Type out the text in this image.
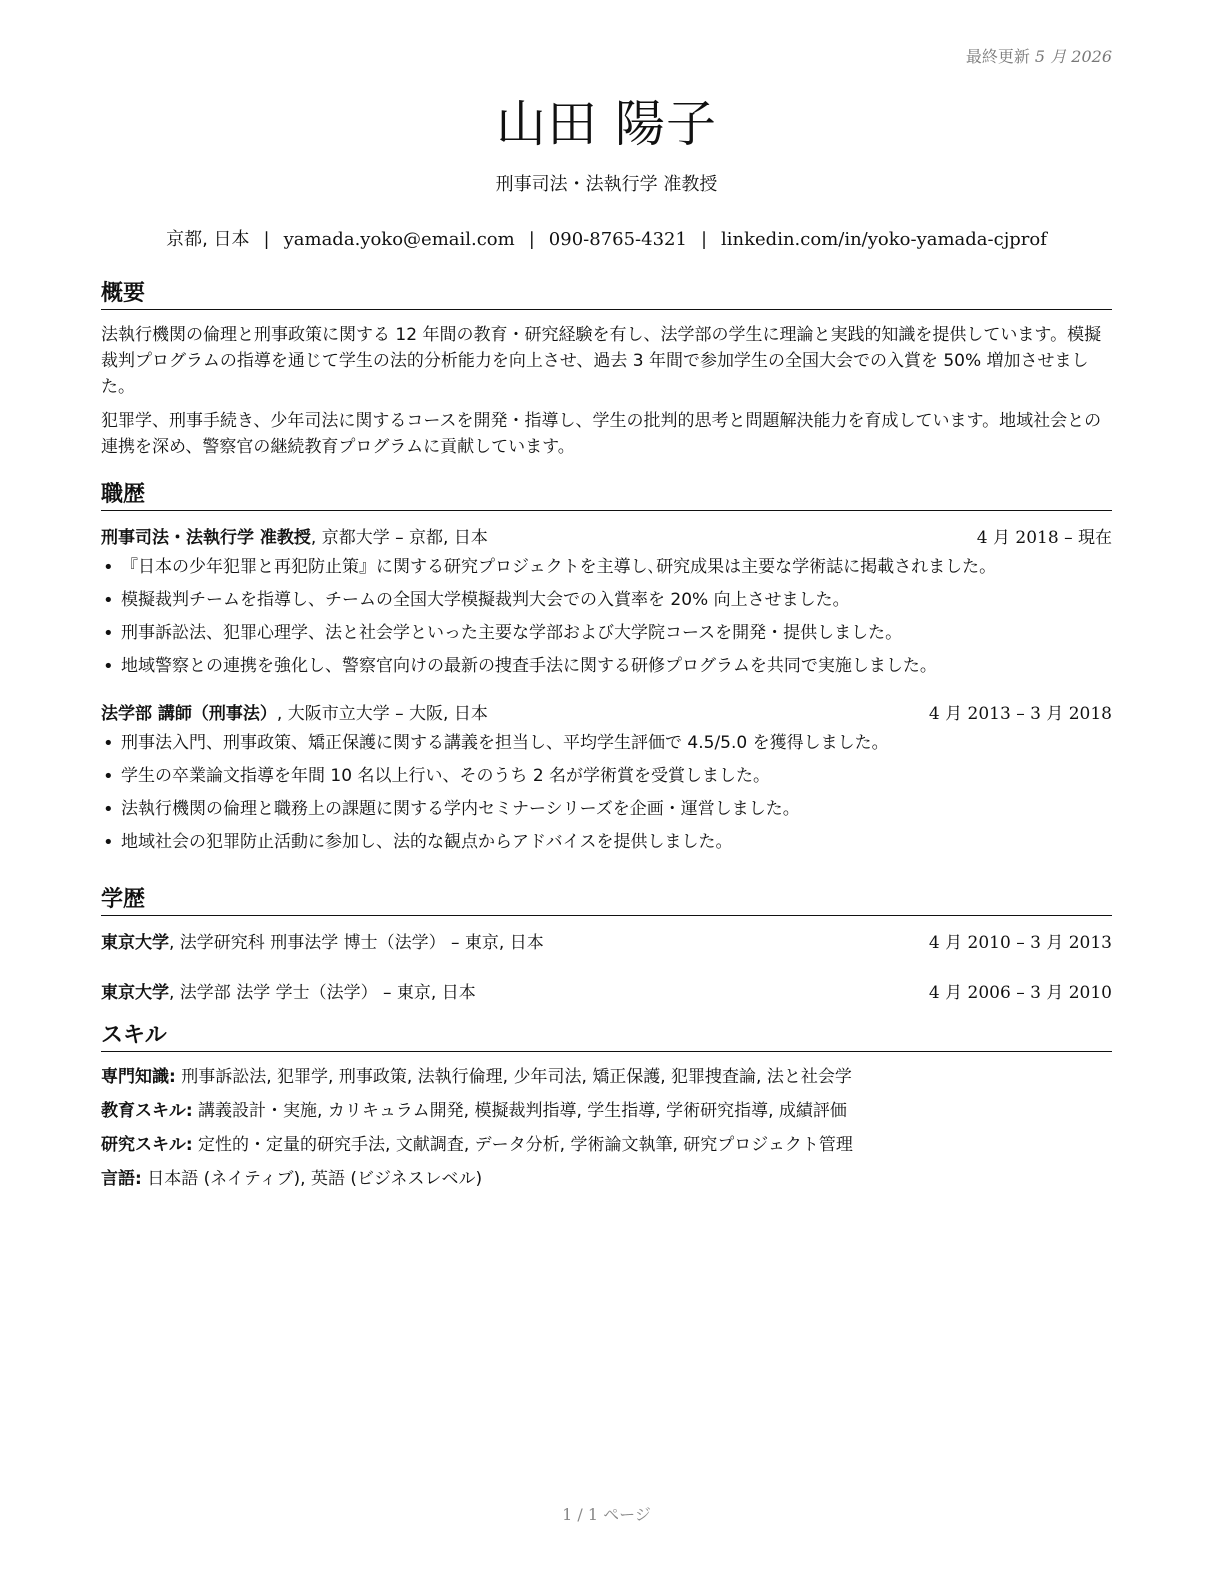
最終更新 5 月 2026
山田 陽子
刑事司法・法執行学 准教授
京都, 日本 | yamada.yoko@email.com | 090-8765-4321 | linkedin.com/in/yoko-yamada-cjprof
概要

法執行機関の倫理と刑事政策に関する 12 年間の教育・研究経験を有し、法学部の学生に理論と実践的知識を提供しています。模擬裁判プログラムの指導を通じて学生の法的分析能力を向上させ、過去 3 年間で参加学生の全国大会での入賞を 50% 増加させました。

犯罪学、刑事手続き、少年司法に関するコースを開発・指導し、学生の批判的思考と問題解決能力を育成しています。地域社会との連携を深め、警察官の継続教育プログラムに貢献しています。

職歴
刑事司法・法執行学 准教授, 京都大学 – 京都, 日本	4 月 2018 – 現在
• 『日本の少年犯罪と再犯防止策』に関する研究プロジェクトを主導し､研究成果は主要な学術誌に掲載されました｡
• 模擬裁判チームを指導し、チームの全国大学模擬裁判大会での入賞率を 20% 向上させました。
• 刑事訴訟法、犯罪心理学、法と社会学といった主要な学部および大学院コースを開発・提供しました。
• 地域警察との連携を強化し、警察官向けの最新の捜査手法に関する研修プログラムを共同で実施しました。
法学部 講師（刑事法）, 大阪市立大学 – 大阪, 日本	4 月 2013 – 3 月 2018
• 刑事法入門、刑事政策、矯正保護に関する講義を担当し、平均学生評価で 4.5/5.0 を獲得しました。
• 学生の卒業論文指導を年間 10 名以上行い、そのうち 2 名が学術賞を受賞しました。
• 法執行機関の倫理と職務上の課題に関する学内セミナーシリーズを企画・運営しました。
• 地域社会の犯罪防止活動に参加し、法的な観点からアドバイスを提供しました。
学歴
東京大学, 法学研究科 刑事法学 博士（法学） – 東京, 日本	4 月 2010 – 3 月 2013
東京大学, 法学部 法学 学士（法学） – 東京, 日本	4 月 2006 – 3 月 2010
スキル
専門知識: 刑事訴訟法, 犯罪学, 刑事政策, 法執行倫理, 少年司法, 矯正保護, 犯罪捜査論, 法と社会学
教育スキル: 講義設計・実施, カリキュラム開発, 模擬裁判指導, 学生指導, 学術研究指導, 成績評価
研究スキル: 定性的・定量的研究手法, 文献調査, データ分析, 学術論文執筆, 研究プロジェクト管理
言語: 日本語 (ネイティブ), 英語 (ビジネスレベル)
1 / 1 ページ
